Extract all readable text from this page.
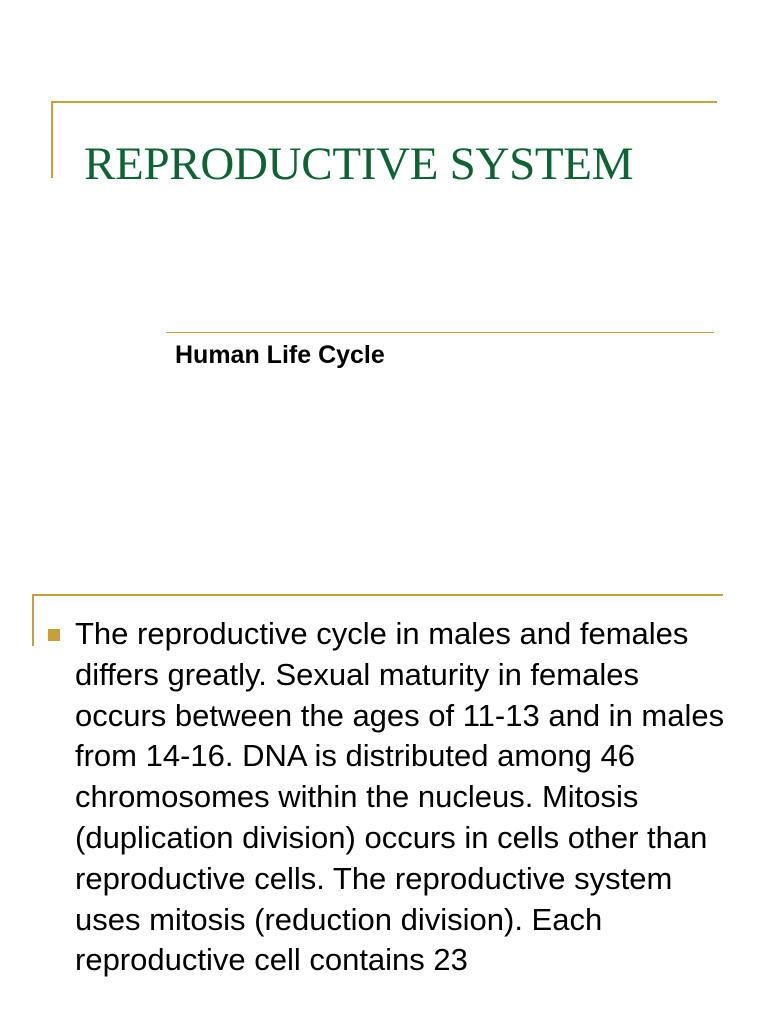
REPRODUCTIVE SYSTEM

Human Life Cycle

The reproductive cycle in males and females differs greatly. Sexual maturity in females occurs between the ages of 11-13 and in males from 14-16. DNA is distributed among 46 chromosomes within the nucleus. Mitosis (duplication division) occurs in cells other than reproductive cells. The reproductive system uses mitosis (reduction division). Each reproductive cell contains 23
